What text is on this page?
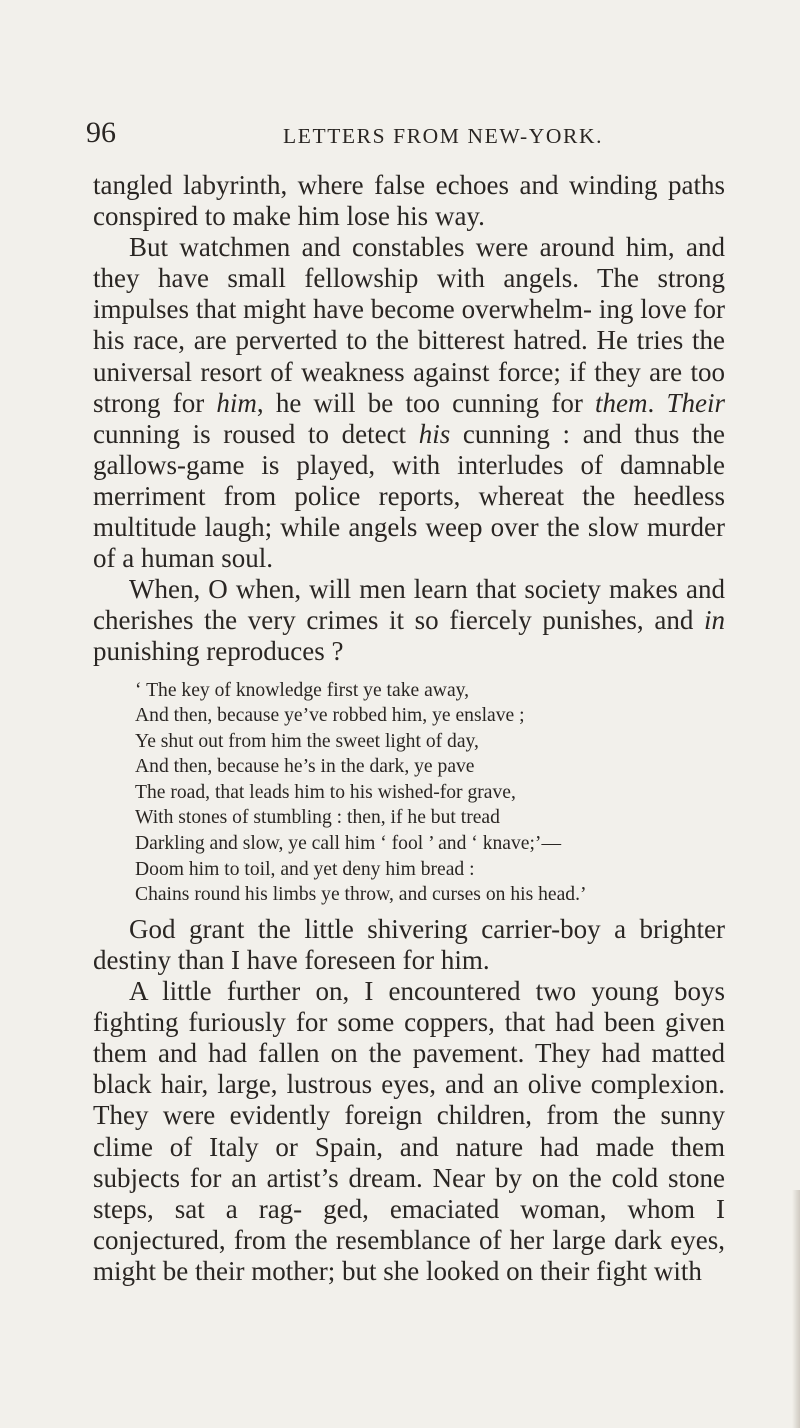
96	LETTERS FROM NEW-YORK.

tangled labyrinth, where false echoes and winding paths conspired to make him lose his way.

But watchmen and constables were around him, and they have small fellowship with angels. The strong impulses that might have become overwhelm- ing love for his race, are perverted to the bitterest hatred. He tries the universal resort of weakness against force; if they are too strong for him, he will be too cunning for them. Their cunning is roused to detect his cunning : and thus the gallows-game is played, with interludes of damnable merriment from police reports, whereat the heedless multitude laugh; while angels weep over the slow murder of a human soul.

When, O when, will men learn that society makes and cherishes the very crimes it so fiercely punishes, and in punishing reproduces ?

‘ The key of knowledge first ye take away,
And then, because ye’ve robbed him, ye enslave ;
Ye shut out from him the sweet light of day,
And then, because he’s in the dark, ye pave
The road, that leads him to his wished-for grave,
With stones of stumbling : then, if he but tread
Darkling and slow, ye call him ‘ fool ’ and ‘ knave;’—
Doom him to toil, and yet deny him bread :
Chains round his limbs ye throw, and curses on his head.’

God grant the little shivering carrier-boy a brighter destiny than I have foreseen for him.

A little further on, I encountered two young boys fighting furiously for some coppers, that had been given them and had fallen on the pavement. They had matted black hair, large, lustrous eyes, and an olive complexion. They were evidently foreign children, from the sunny clime of Italy or Spain, and nature had made them subjects for an artist’s dream. Near by on the cold stone steps, sat a rag- ged, emaciated woman, whom I conjectured, from the resemblance of her large dark eyes, might be their mother; but she looked on their fight with
